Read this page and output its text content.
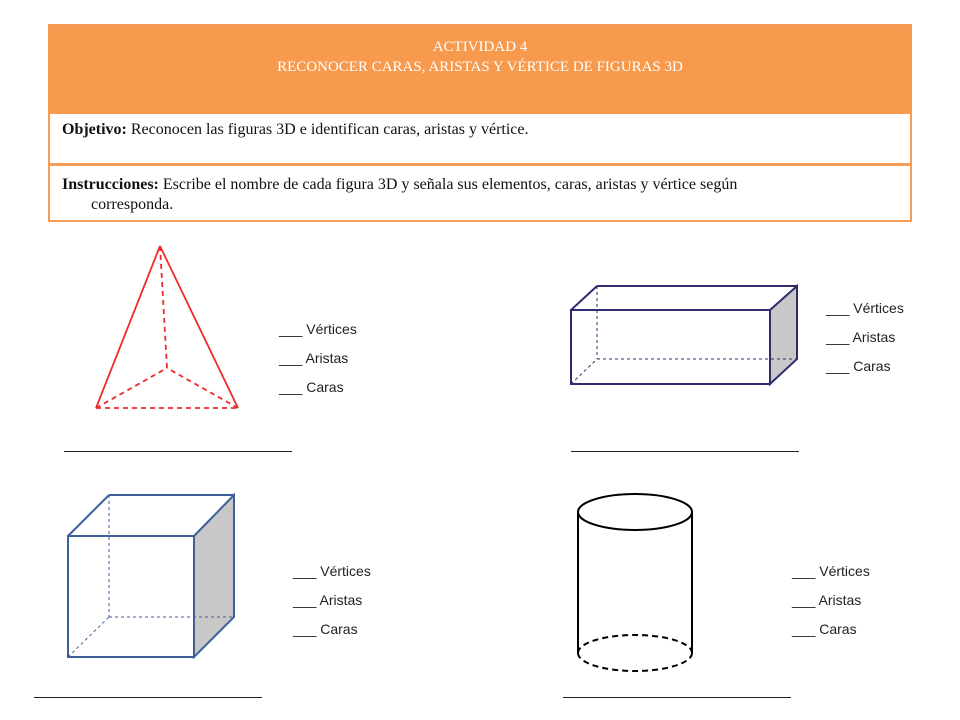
ACTIVIDAD 4
RECONOCER CARAS, ARISTAS Y VÉRTICE DE FIGURAS 3D
Objetivo: Reconocen las figuras 3D e identifican caras, aristas y vértice.
Instrucciones: Escribe el nombre de cada figura 3D y señala sus elementos, caras, aristas y vértice según
corresponda.
___ Vértices
___ Aristas
___ Caras
___ Vértices
___ Aristas
___ Caras
___ Vértices
___ Aristas
___ Caras
___ Vértices
___ Aristas
___ Caras
